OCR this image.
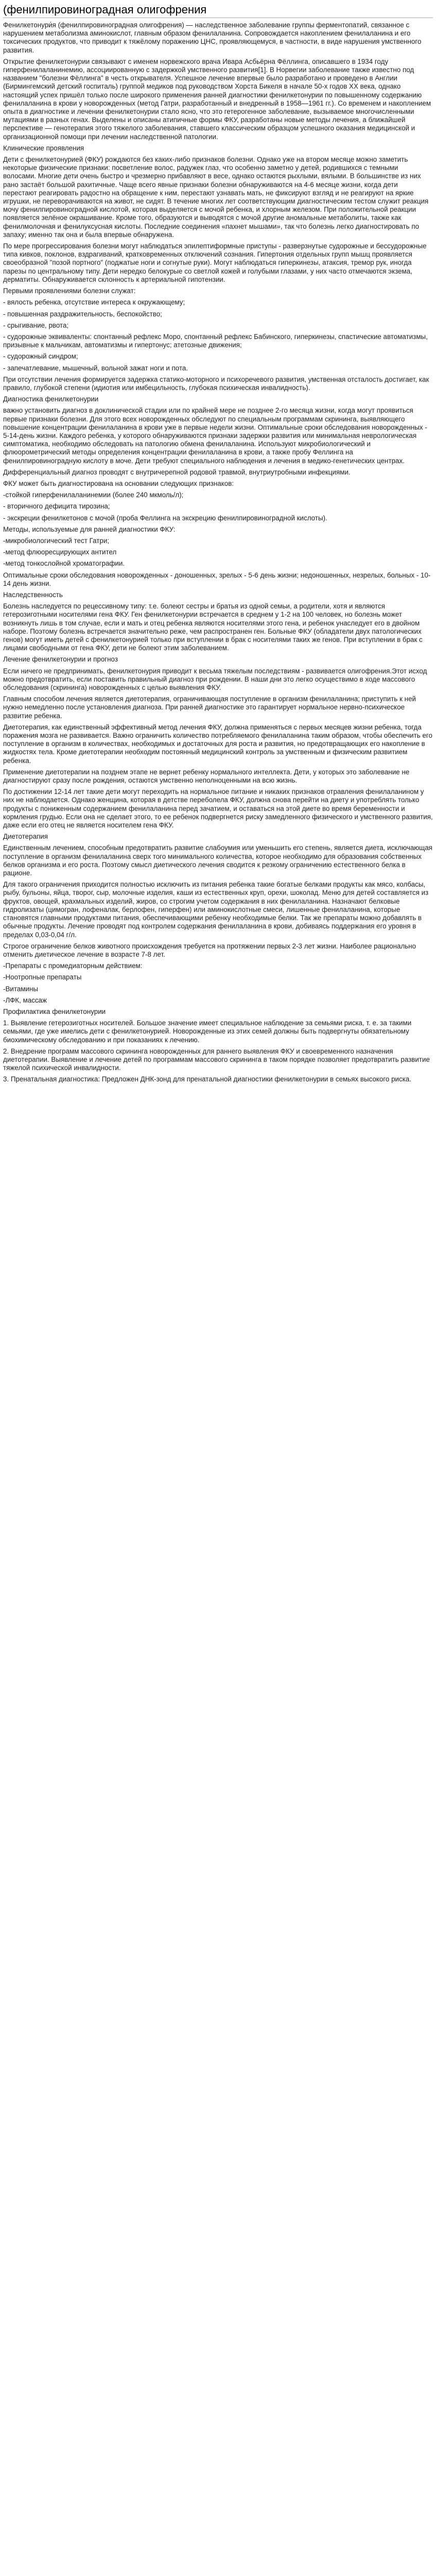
(фенилпировиноградная олигофрения

Фенилкетонури́я (фенилпировиноградная олигофрения) — наследственное заболевание группы ферментопатий, связанное с нарушением метаболизма аминокислот, главным образом фенилаланина. Сопровождается накоплением фенилаланина и его токсических продуктов, что приводит к тяжёлому поражению ЦНС, проявляющемуся, в частности, в виде нарушения умственного развития.

Открытие фенилкетонурии связывают с именем норвежского врача Ивара Асбьёрна Фёллинга, описавшего в 1934 году гиперфенилаланинемию, ассоциированную с задержкой умственного развития[1]. В Норвегии заболевание также известно под названием "болезни Фёллинга" в честь открывателя. Успешное лечение впервые было разработано и проведено в Англии (Бирмингемский детский госпиталь) группой медиков под руководством Хорста Бикеля в начале 50-х годов XX века, однако настоящий успех пришёл только после широкого применения ранней диагностики фенилкетонурии по повышенному содержанию фенилаланина в крови у новорожденных (метод Гатри, разработанный и внедренный в 1958—1961 гг.). Со временем и накоплением опыта в диагностике и лечении фенилкетонурии стало ясно, что это гетерогенное заболевание, вызываемое многочисленными мутациями в разных генах. Выделены и описаны атипичные формы ФКУ, разработаны новые методы лечения, а ближайшей перспективе — генотерапия этого тяжелого заболевания, ставшего классическим образцом успешного оказания медицинской и организационной помощи при лечении наследственной патологии.

Клинические проявления

Дети с фенилкетонурией (ФКУ) рождаются без каких-либо признаков болезни. Однако уже на втором месяце можно заметить некоторые физические признаки: посветление волос, радужек глаз, что особенно заметно у детей, родившихся с темными волосами. Многие дети очень быстро и чрезмерно прибавляют в весе, однако остаются рыхлыми, вялыми. В большинстве из них рано застаёт большой рахитичные. Чаще всего явные признаки болезни обнаруживаются на 4-6 месяце жизни, когда дети перестают реагировать радостно на обращение к ним, перестают узнавать мать, не фиксируют взгляд и не реагируют на яркие игрушки, не переворачиваются на живот, не сидят. В течение многих лет соответствующим диагностическим тестом служит реакция мочу фенилпировиноградной кислотой, которая выделяется с мочой ребенка, и хлорным железом. При положительной реакции появляется зелёное окрашивание. Кроме того, образуются и выводятся с мочой другие аномальные метаболиты, также как фенилмолочная и фенилуксусная кислоты. Последние соединения «пахнет мышами», так что болезнь легко диагностировать по запаху; именно так она и была впервые обнаружена.

По мере прогрессирования болезни могут наблюдаться эпилептиформные приступы - разверзнутые судорожные и бессудорожные типа кивков, поклонов, вздрагиваний, кратковременных отключений сознания. Гипертония отдельных групп мышц проявляется своеобразной "позой портного" (поджатые ноги и согнутые руки). Могут наблюдаться гиперкинезы, атаксия, тремор рук, иногда парезы по центральному типу. Дети нередко белокурые со светлой кожей и голубыми глазами, у них часто отмечаются экзема, дерматиты. Обнаруживается склонность к артериальной гипотензии.

Первыми проявлениями болезни служат:

- вялость ребенка, отсутствие интереса к окружающему;

- повышенная раздражительность, беспокойство;

- срыгивание, рвота;

- судорожные эквиваленты: спонтанный рефлекс Моро, спонтанный рефлекс Бабинского, гиперкинезы, спастические автоматизмы, призывные к мальчикам, автоматизмы и гипертонус; атетозные движения;

- судорожный синдром;

- запечатлевание, мышечный, вольной зажат ноги и пота.

При отсутствии лечения формируется задержка статико-моторного и психоречевого развития, умственная отсталость достигает, как правило, глубокой степени (идиотия или имбецильность, глубокая психическая инвалидность).

Диагностика фенилкетонурии

важно установить диагноз в доклинической стадии или по крайней мере не позднее 2-го месяца жизни, когда могут проявиться первые признаки болезни. Для этого всех новорожденных обследуют по специальным программам скрининга, выявляющего повышение концентрации фенилаланина в крови уже в первые недели жизни. Оптимальные сроки обследования новорожденных - 5-14-день жизни. Каждого ребенка, у которого обнаруживаются признаки задержки развития или минимальная неврологическая симптоматика, необходимо обследовать на патологию обмена фенилаланина. Используют микробиологический и флюорометрический методы определения концентрации фенилаланина в крови, а также пробу Феллинга на фенилпировиноградную кислоту в моче. Дети требуют специального наблюдения и лечения в медико-генетических центрах.

Дифференциальный диагноз проводят с внутричерепной родовой травмой, внутриутробными инфекциями.

ФКУ может быть диагностирована на основании следующих признаков:

-стойкой гиперфенилаланинемии (более 240 мкмоль/л);

- вторичного дефицита тирозина;

- экскреции фенилкетонов с мочой (проба Феллинга на экскрецию фенилпировиноградной кислоты).

Методы, используемые для ранней диагностики ФКУ:

-микробиологический тест Гатри;

-метод флюоресцирующих антител

-метод тонкослойной хроматографии.

Оптимальные сроки обследования новорожденных - доношенных, зрелых - 5-6 день жизни; недоношенных, незрелых, больных - 10-14 день жизни.

Наследственность

Болезнь наследуется по рецессивному типу: т.е. болеют сестры и братья из одной семьи, а родители, хотя и являются гетерозиготными носителями гена ФКУ. Ген фенилкетонурии встречается в среднем у 1-2 на 100 человек, но болезнь может возникнуть лишь в том случае, если и мать и отец ребенка являются носителями этого гена, и ребенок унаследует его в двойном наборе. Поэтому болезнь встречается значительно реже, чем распространен ген. Больные ФКУ (обладатели двух патологических генов) могут иметь детей с фенилкетонурией только при вступлении в брак с носителями таких же генов. При вступлении в брак с лицами свободными от гена ФКУ, дети не болеют этим заболеванием.

Лечение фенилкетонурии и прогноз

Если ничего не предпринимать, фенилкетонурия приводит к весьма тяжелым последствиям - развивается олигофрения.Этот исход можно предотвратить, если поставить правильный диагноз при рождении. В наши дни это легко осуществимо в ходе массового обследования (скрининга) новорожденных с целью выявления ФКУ.

Главным способом лечения является диетотерапия, ограничивающая поступление в организм фенилаланина; приступить к ней нужно немедленно после установления диагноза. При ранней диагностике это гарантирует нормальное нервно-психическое развитие ребенка.

Диетотерапия, как единственный эффективный метод лечения ФКУ, должна применяться с первых месяцев жизни ребенка, тогда поражения мозга не развивается. Важно ограничить количество потребляемого фенилаланина таким образом, чтобы обеспечить его поступление в организм в количествах, необходимых и достаточных для роста и развития, но предотвращающих его накопление в жидкостях тела. Кроме диетотерапии необходим постоянный медицинский контроль за умственным и физическим развитием ребенка.

Применение диетотерапии на позднем этапе не вернет ребенку нормального интеллекта. Дети, у которых это заболевание не диагностируют сразу после рождения, остаются умственно неполноценными на всю жизнь.

По достижении 12-14 лет такие дети могут переходить на нормальное питание и никаких признаков отравления фенилаланином у них не наблюдается. Однако женщина, которая в детстве переболела ФКУ, должна снова перейти на диету и употреблять только продукты с пониженным содержанием фенилаланина перед зачатием, и оставаться на этой диете во время беременности и кормления грудью. Если она не сделает этого, то ее ребенок подвергнется риску замедленного физического и умственного развития, даже если его отец не является носителем гена ФКУ.

Диетотерапия

Единственным лечением, способным предотвратить развитие слабоумия или уменьшить его степень, является диета, исключающая поступление в организм фенилаланина сверх того минимального количества, которое необходимо для образования собственных белков организма и его роста. Поэтому смысл диетического лечения сводится к резкому ограничению естественного белка в рационе.

Для такого ограничения приходится полностью исключить из питания ребенка такие богатые белками продукты как мясо, колбасы, рыбу, бульоны, яйца, творог, сыр, молочные изделия, каши из естественных круп, орехи, шоколад. Меню для детей составляется из фруктов, овощей, крахмальных изделий, жиров, со строгим учетом содержания в них фенилаланина. Назначают белковые гидролизаты (цимогран, лофеналак, берлофен, гиперфен) или аминокислотные смеси, лишенные фенилаланина, которые становятся главными продуктами питания, обеспечивающими ребенку необходимые белки. Так же препараты можно добавлять в обычные продукты. Лечение проводят под контролем содержания фенилаланина в крови, добиваясь поддержания его уровня в пределах 0,03-0,04 г/л.

Строгое ограничение белков животного происхождения требуется на протяжении первых 2-3 лет жизни. Наиболее рационально отменить диетическое лечение в возрасте 7-8 лет.

-Препараты с промедиаторным действием:

-Ноотропные препараты

-Витамины

-ЛФК, массаж

Профилактика фенилкетонурии

1. Выявление гетерозиготных носителей. Большое значение имеет специальное наблюдение за семьями риска, т. е. за такими семьями, где уже имелись дети с фенилкетонурией. Новорожденные из этих семей должны быть подвергнуты обязательному биохимическому обследованию и при показаниях к лечению.

2. Внедрение программ массового скрининга новорожденных для раннего выявления ФКУ и своевременного назначения диетотерапии. Выявление и лечение детей по программам массового скрининга в таком порядке позволяет предотвратить развитие тяжелой психической инвалидности.

3. Пренатальная диагностика: Предложен ДНК-зонд для пренатальной диагностики фенилкетонурии в семьях высокого риска.
